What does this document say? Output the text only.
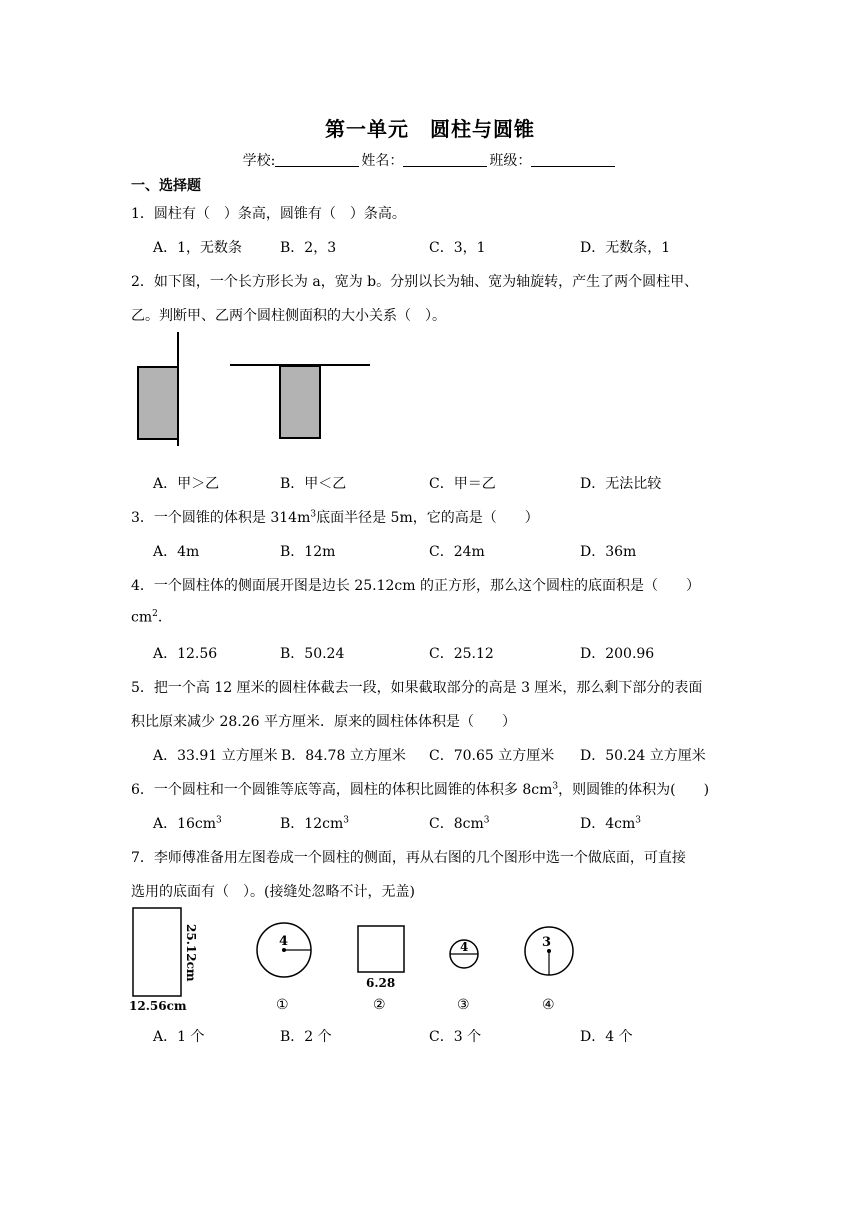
第一单元　圆柱与圆锥
学校:	姓名：	班级：
一、选择题
1．圆柱有（　）条高，圆锥有（　）条高。
A．1，无数条	B．2，3	C．3，1	D．无数条，1
2．如下图，一个长方形长为 a，宽为 b。分别以长为轴、宽为轴旋转，产生了两个圆柱甲、
乙。判断甲、乙两个圆柱侧面积的大小关系（　）。
A．甲＞乙	B．甲＜乙	C．甲＝乙	D．无法比较
3．一个圆锥的体积是 $314m^3$底面半径是 5m，它的高是（　　）
A．4m	B．12m	C．24m	D．36m
4．一个圆柱体的侧面展开图是边长 25.12cm 的正方形，那么这个圆柱的底面积是（　　）
$cm^2$.
A．12.56	B．50.24	C．25.12	D．200.96
5．把一个高 12 厘米的圆柱体截去一段，如果截取部分的高是 3 厘米，那么剩下部分的表面
积比原来减少 28.26 平方厘米．原来的圆柱体体积是（　　）
A．33.91 立方厘米 B．84.78 立方厘米 C．70.65 立方厘米 D．50.24 立方厘米
6．一个圆柱和一个圆锥等底等高，圆柱的体积比圆锥的体积多 $8cm^3$，则圆锥的体积为(　　)
A．$16cm^3$	B．$12cm^3$	C．$8cm^3$	D．$4cm^3$
7．李师傅准备用左图卷成一个圆柱的侧面，再从右图的几个图形中选一个做底面，可直接
选用的底面有（　）。(接缝处忽略不计，无盖)
25.12cm
12.56cm
4
①
6.28
②
4
③
3
④
A．1 个	B．2 个	C．3 个	D．4 个
